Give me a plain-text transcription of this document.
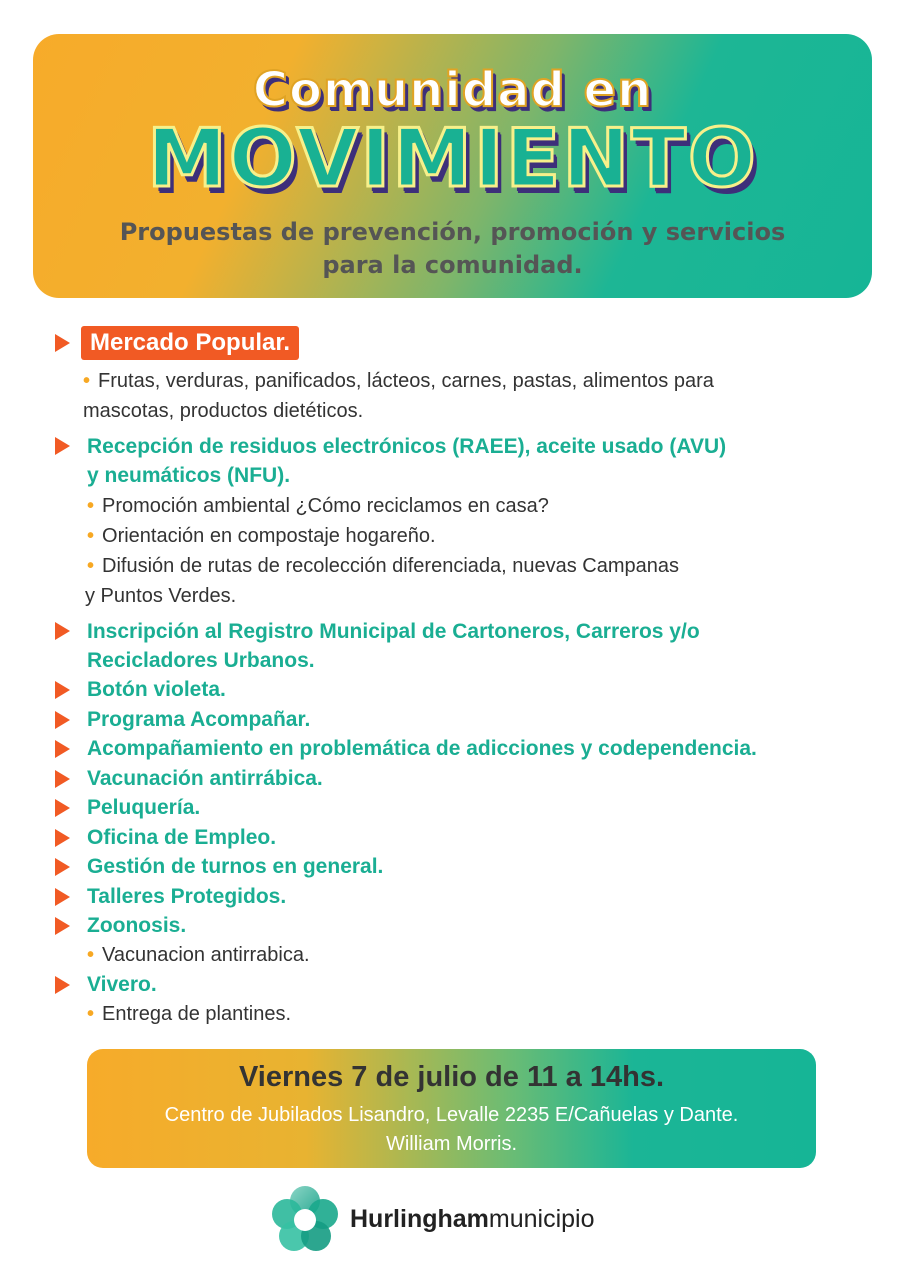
Comunidad en
MOVIMIENTO
Propuestas de prevención, promoción y servicios
para la comunidad.
Mercado Popular.
• Frutas, verduras, panificados, lácteos, carnes, pastas, alimentos para
mascotas, productos dietéticos.
Recepción de residuos electrónicos (RAEE), aceite usado (AVU)
y neumáticos (NFU).
• Promoción ambiental ¿Cómo reciclamos en casa?
• Orientación en compostaje hogareño.
• Difusión de rutas de recolección diferenciada, nuevas Campanas
y Puntos Verdes.
Inscripción al Registro Municipal de Cartoneros, Carreros y/o
Recicladores Urbanos.
Botón violeta.
Programa Acompañar.
Acompañamiento en problemática de adicciones y codependencia.
Vacunación antirrábica.
Peluquería.
Oficina de Empleo.
Gestión de turnos en general.
Talleres Protegidos.
Zoonosis.
• Vacunacion antirrabica.
Vivero.
• Entrega de plantines.
Viernes 7 de julio de 11 a 14hs.
Centro de Jubilados Lisandro, Levalle 2235 E/Cañuelas y Dante.
William Morris.
Hurlinghammunicipio
